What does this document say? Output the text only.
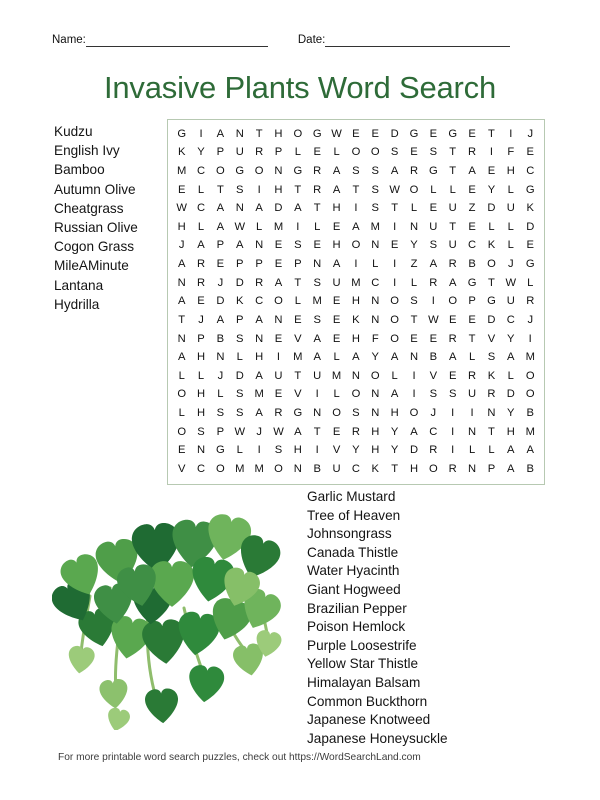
Name:	Date:
Invasive Plants Word Search
Kudzu
English Ivy
Bamboo
Autumn Olive
Cheatgrass
Russian Olive
Cogon Grass
MileAMinute
Lantana
Hydrilla
G	I	A	N	T	H	O	G	W	E	E	D	G	E	G	E	T	I	J
K	Y	P	U	R	P	L	E	L	O	O	S	E	S	T	R	I	F	E
M	C	O	G	O	N	G	R	A	S	S	A	R	G	T	A	E	H	C
E	L	T	S	I	H	T	R	A	T	S	W	O	L	L	E	Y	L	G
W	C	A	N	A	D	A	T	H	I	S	T	L	E	U	Z	D	U	K
H	L	A	W	L	M	I	L	E	A	M	I	N	U	T	E	L	L	D
J	A	P	A	N	E	S	E	H	O	N	E	Y	S	U	C	K	L	E
A	R	E	P	P	E	P	N	A	I	L	I	Z	A	R	B	O	J	G
N	R	J	D	R	A	T	S	U	M	C	I	L	R	A	G	T	W	L
A	E	D	K	C	O	L	M	E	H	N	O	S	I	O	P	G	U	R
T	J	A	P	A	N	E	S	E	K	N	O	T	W	E	E	D	C	J
N	P	B	S	N	E	V	A	E	H	F	O	E	E	R	T	V	Y	I
A	H	N	L	H	I	M	A	L	A	Y	A	N	B	A	L	S	A	M
L	L	J	D	A	U	T	U	M	N	O	L	I	V	E	R	K	L	O
O	H	L	S	M	E	V	I	L	O	N	A	I	S	S	U	R	D	O
L	H	S	S	A	R	G	N	O	S	N	H	O	J	I	I	N	Y	B
O	S	P	W	J	W	A	T	E	R	H	Y	A	C	I	N	T	H	M
E	N	G	L	I	S	H	I	V	Y	H	Y	D	R	I	L	L	A	A
V	C	O	M	M	O	N	B	U	C	K	T	H	O	R	N	P	A	B
Garlic Mustard
Tree of Heaven
Johnsongrass
Canada Thistle
Water Hyacinth
Giant Hogweed
Brazilian Pepper
Poison Hemlock
Purple Loosestrife
Yellow Star Thistle
Himalayan Balsam
Common Buckthorn
Japanese Knotweed
Japanese Honeysuckle
For more printable word search puzzles, check out https://WordSearchLand.com
